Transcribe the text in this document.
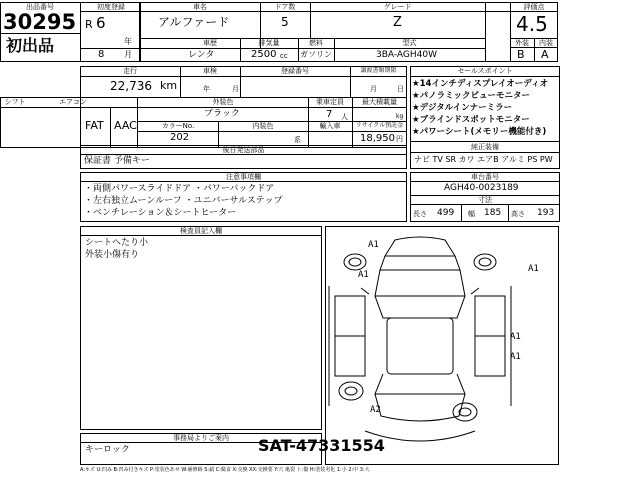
出品番号
30295
初出品
初度登録
R 6
年
8 月
車名
アルファード
ドア数
5
グレード
Z
評価点
4.5
外装	内装
B A
車歴
レンタ
排気量
2500 cc
燃料
ガソリン
型式
3BA-AGH40W
走行
22,736 km
車検
年	月
登録番号	譲渡書類期限
月	日
シフト	エアコン
FAT AAC
外装色
ブラック
乗車定員
7 人
最大積載量
kg
カラーNo.
202
内装色
系
輸入車	リサイクル預託金
18,950 円
セールスポイント
★14インチディスプレイオーディオ
★パノラミックビューモニター
★デジタルインナーミラー
★ブラインドスポットモニター
★パワーシート(メモリー機能付き)
純正装備
ナビ TV SR カワ エアB アルミ PS PW
後日発送部品
保証書 予備キー
注意事項欄
・両側パワースライドドア ・パワーバックドア
・左右独立ムーンルーフ ・ユニバーサルステップ
・ベンチレーション＆シートヒーター
車台番号
AGH40-0023189
寸法
長さ 499 幅 185 高さ 193
検査員記入欄
シートへたり小
外装小傷有り
事務局よりご案内
キーロック
A1
A1
A1
A1
A1
A2
SAT-47331554
A:キズ U:凹み B:凹み付きキズ P:塗装色あせ W:補修跡 S:錆 C:腐食 X:交換 XX:交換要 Y:穴 亀裂 ト:傷 H:塗装劣化 1:小 2:中 3:大
